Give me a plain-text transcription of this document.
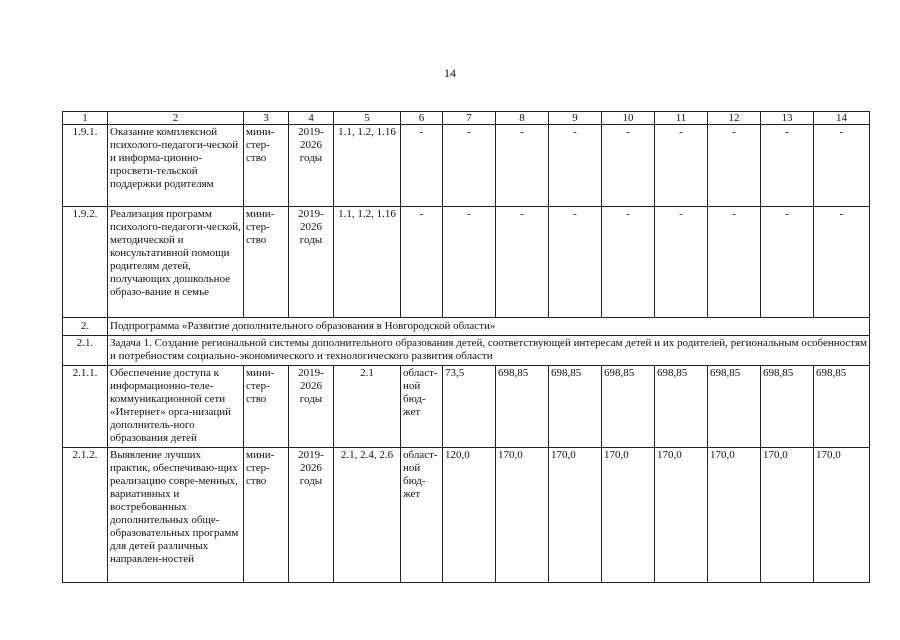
14
1	2	3	4	5	6	7	8	9	10	11	12	13	14
1.9.1.	Оказание комплексной психолого-педагоги-ческой и информа-ционно-просвети-тельской поддержки родителям	мини-стер-ство	2019-2026 годы	1.1, 1.2, 1.16	-	-	-	-	-	-	-	-	-
1.9.2.	Реализация программ психолого-педагоги-ческой, методической и консультативной помощи родителям детей, получающих дошкольное образо-вание в семье	мини-стер-ство	2019-2026 годы	1.1, 1.2, 1.16	-	-	-	-	-	-	-	-	-
2.	Подпрограмма «Развитие дополнительного образования в Новгородской области»												
2.1.	Задача 1. Создание региональной системы дополнительного образования детей, соответствующей интересам детей и их родителей, региональным особенностям и потребностям социально-экономического и технологического развития области												
2.1.1.	Обеспечение доступа к информационно-теле-коммуникационной сети «Интернет» орга-низаций дополнитель-ного образования детей	мини-стер-ство	2019-2026 годы	2.1	област-ной бюд-жет	73,5	698,85	698,85	698,85	698,85	698,85	698,85	698,85
2.1.2.	Выявление лучших практик, обеспечиваю-щих реализацию совре-менных, вариативных и востребованных дополнительных обще-образовательных программ для детей различных направлен-ностей	мини-стер-ство	2019-2026 годы	2.1, 2.4, 2.6	област-ной бюд-жет	120,0	170,0	170,0	170,0	170,0	170,0	170,0	170,0
